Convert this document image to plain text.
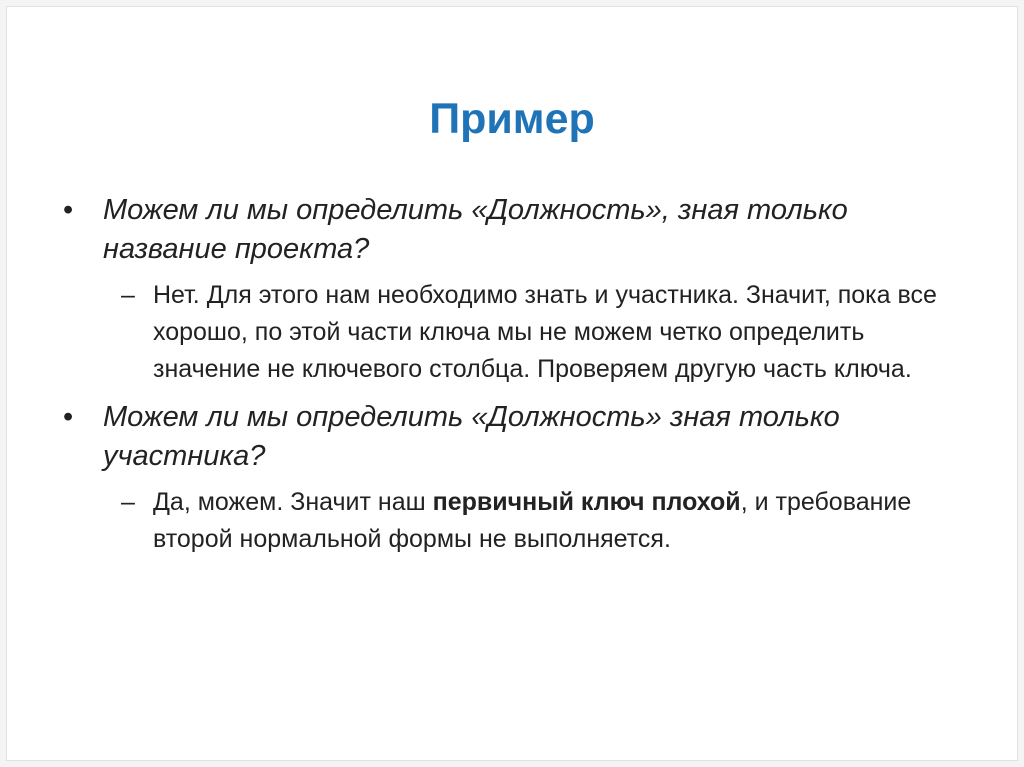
Пример
• Можем ли мы определить «Должность», зная только название проекта?
– Нет. Для этого нам необходимо знать и участника. Значит, пока все хорошо, по этой части ключа мы не можем четко определить значение не ключевого столбца. Проверяем другую часть ключа.
• Можем ли мы определить «Должность» зная только участника?
– Да, можем. Значит наш первичный ключ плохой, и требование второй нормальной формы не выполняется.
